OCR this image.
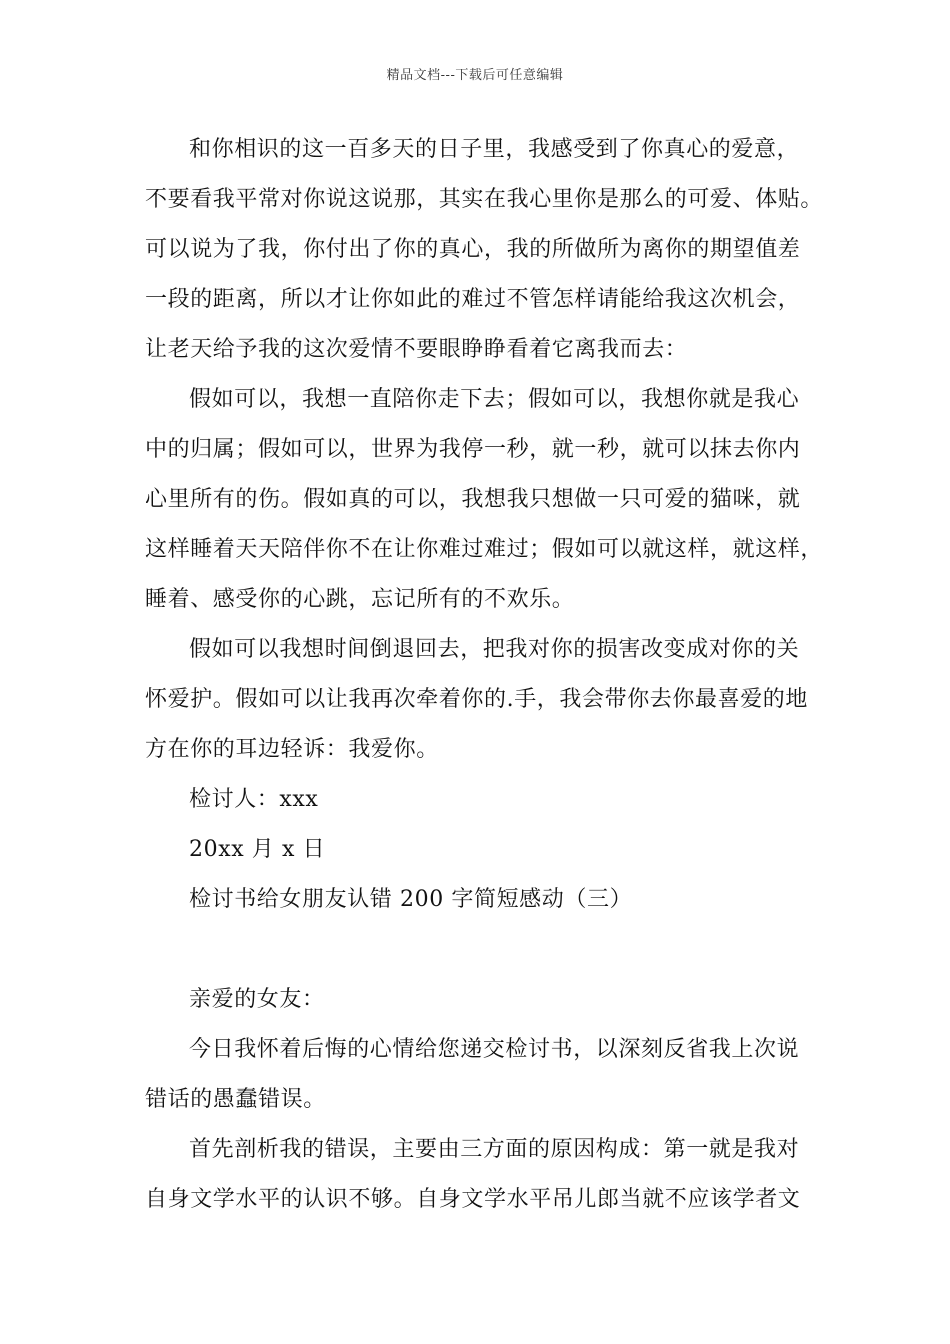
精品文档---下载后可任意编辑
和你相识的这一百多天的日子里，我感受到了你真心的爱意，
不要看我平常对你说这说那，其实在我心里你是那么的可爱、体贴。
可以说为了我，你付出了你的真心，我的所做所为离你的期望值差
一段的距离，所以才让你如此的难过不管怎样请能给我这次机会，
让老天给予我的这次爱情不要眼睁睁看着它离我而去：
假如可以，我想一直陪你走下去；假如可以，我想你就是我心
中的归属；假如可以，世界为我停一秒，就一秒，就可以抹去你内
心里所有的伤。假如真的可以，我想我只想做一只可爱的猫咪，就
这样睡着天天陪伴你不在让你难过难过；假如可以就这样，就这样，
睡着、感受你的心跳，忘记所有的不欢乐。
假如可以我想时间倒退回去，把我对你的损害改变成对你的关
怀爱护。假如可以让我再次牵着你的.手，我会带你去你最喜爱的地
方在你的耳边轻诉：我爱你。
检讨人：xxx
20xx 月 x 日
检讨书给女朋友认错 200 字简短感动（三）
亲爱的女友：
今日我怀着后悔的心情给您递交检讨书，以深刻反省我上次说
错话的愚蠢错误。
首先剖析我的错误，主要由三方面的原因构成：第一就是我对
自身文学水平的认识不够。自身文学水平吊儿郎当就不应该学者文
